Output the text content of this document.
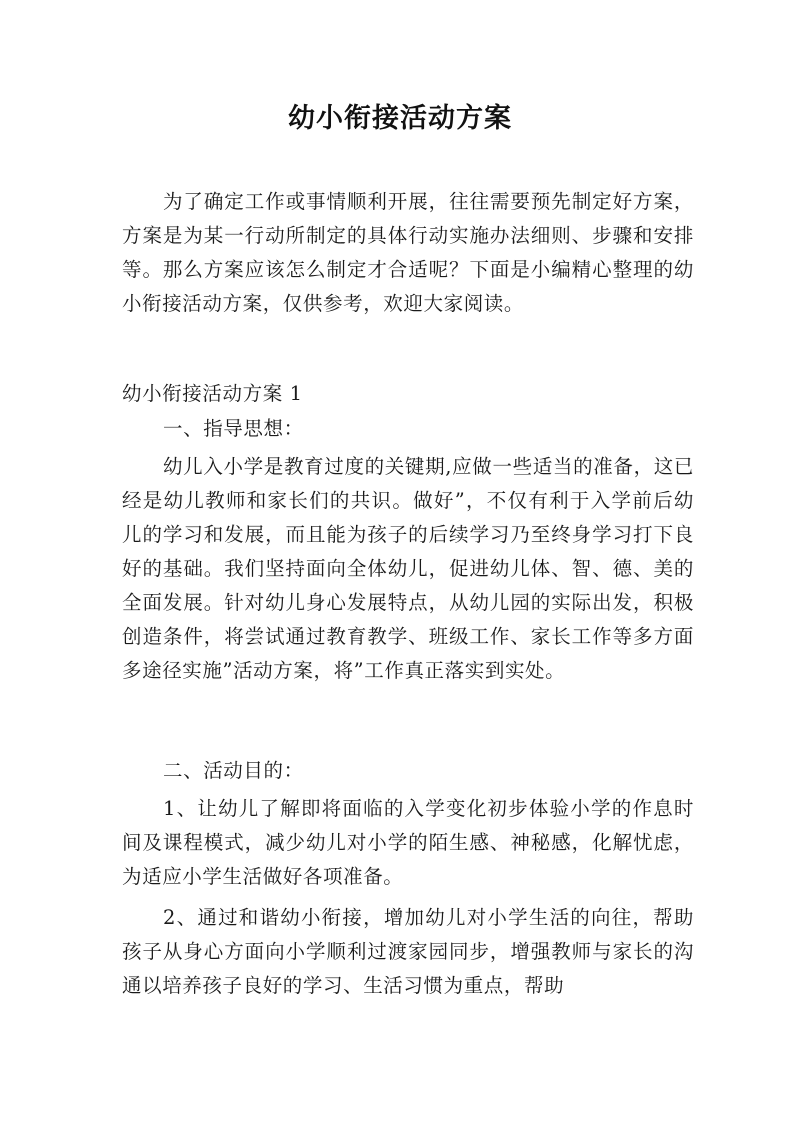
幼小衔接活动方案

为了确定工作或事情顺利开展，往往需要预先制定好方案，方案是为某一行动所制定的具体行动实施办法细则、步骤和安排等。那么方案应该怎么制定才合适呢？下面是小编精心整理的幼小衔接活动方案，仅供参考，欢迎大家阅读。

幼小衔接活动方案 1

一、指导思想：

幼儿入小学是教育过度的关键期,应做一些适当的准备，这已经是幼儿教师和家长们的共识。做好”，不仅有利于入学前后幼儿的学习和发展，而且能为孩子的后续学习乃至终身学习打下良好的基础。我们坚持面向全体幼儿，促进幼儿体、智、德、美的全面发展。针对幼儿身心发展特点，从幼儿园的实际出发，积极创造条件，将尝试通过教育教学、班级工作、家长工作等多方面多途径实施”活动方案，将”工作真正落实到实处。

二、活动目的：

1、让幼儿了解即将面临的入学变化初步体验小学的作息时间及课程模式，减少幼儿对小学的陌生感、神秘感，化解忧虑，为适应小学生活做好各项准备。

2、通过和谐幼小衔接，增加幼儿对小学生活的向往，帮助孩子从身心方面向小学顺利过渡家园同步，增强教师与家长的沟通以培养孩子良好的学习、生活习惯为重点，帮助
